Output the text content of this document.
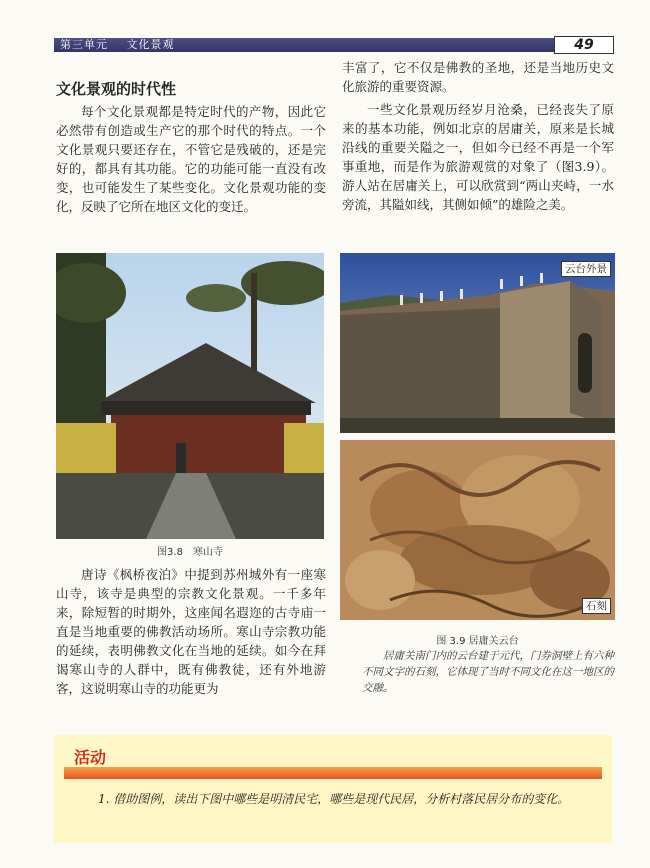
第三单元 文化景观	49
文化景观的时代性

每个文化景观都是特定时代的产物，因此它必然带有创造或生产它的那个时代的特点。一个文化景观只要还存在，不管它是残破的，还是完好的，都具有其功能。它的功能可能一直没有改变，也可能发生了某些变化。文化景观功能的变化，反映了它所在地区文化的变迁。

图3.8　寒山寺

唐诗《枫桥夜泊》中提到苏州城外有一座寒山寺，该寺是典型的宗教文化景观。一千多年来，除短暂的时期外，这座闻名遐迩的古寺庙一直是当地重要的佛教活动场所。寒山寺宗教功能的延续，表明佛教文化在当地的延续。如今在拜谒寒山寺的人群中，既有佛教徒，还有外地游客，这说明寒山寺的功能更为

丰富了，它不仅是佛教的圣地，还是当地历史文化旅游的重要资源。

一些文化景观历经岁月沧桑，已经丧失了原来的基本功能，例如北京的居庸关，原来是长城沿线的重要关隘之一，但如今已经不再是一个军事重地，而是作为旅游观赏的对象了（图3.9）。游人站在居庸关上，可以欣赏到“两山夹峙，一水旁流，其隘如线，其侧如倾”的雄险之美。

云台外景
石刻
图 3.9 居庸关云台

居庸关南门内的云台建于元代，门券洞壁上有六种不同文字的石刻，它体现了当时不同文化在这一地区的交融。

活动

1. 借助图例，读出下图中哪些是明清民宅，哪些是现代民居，分析村落民居分布的变化。
